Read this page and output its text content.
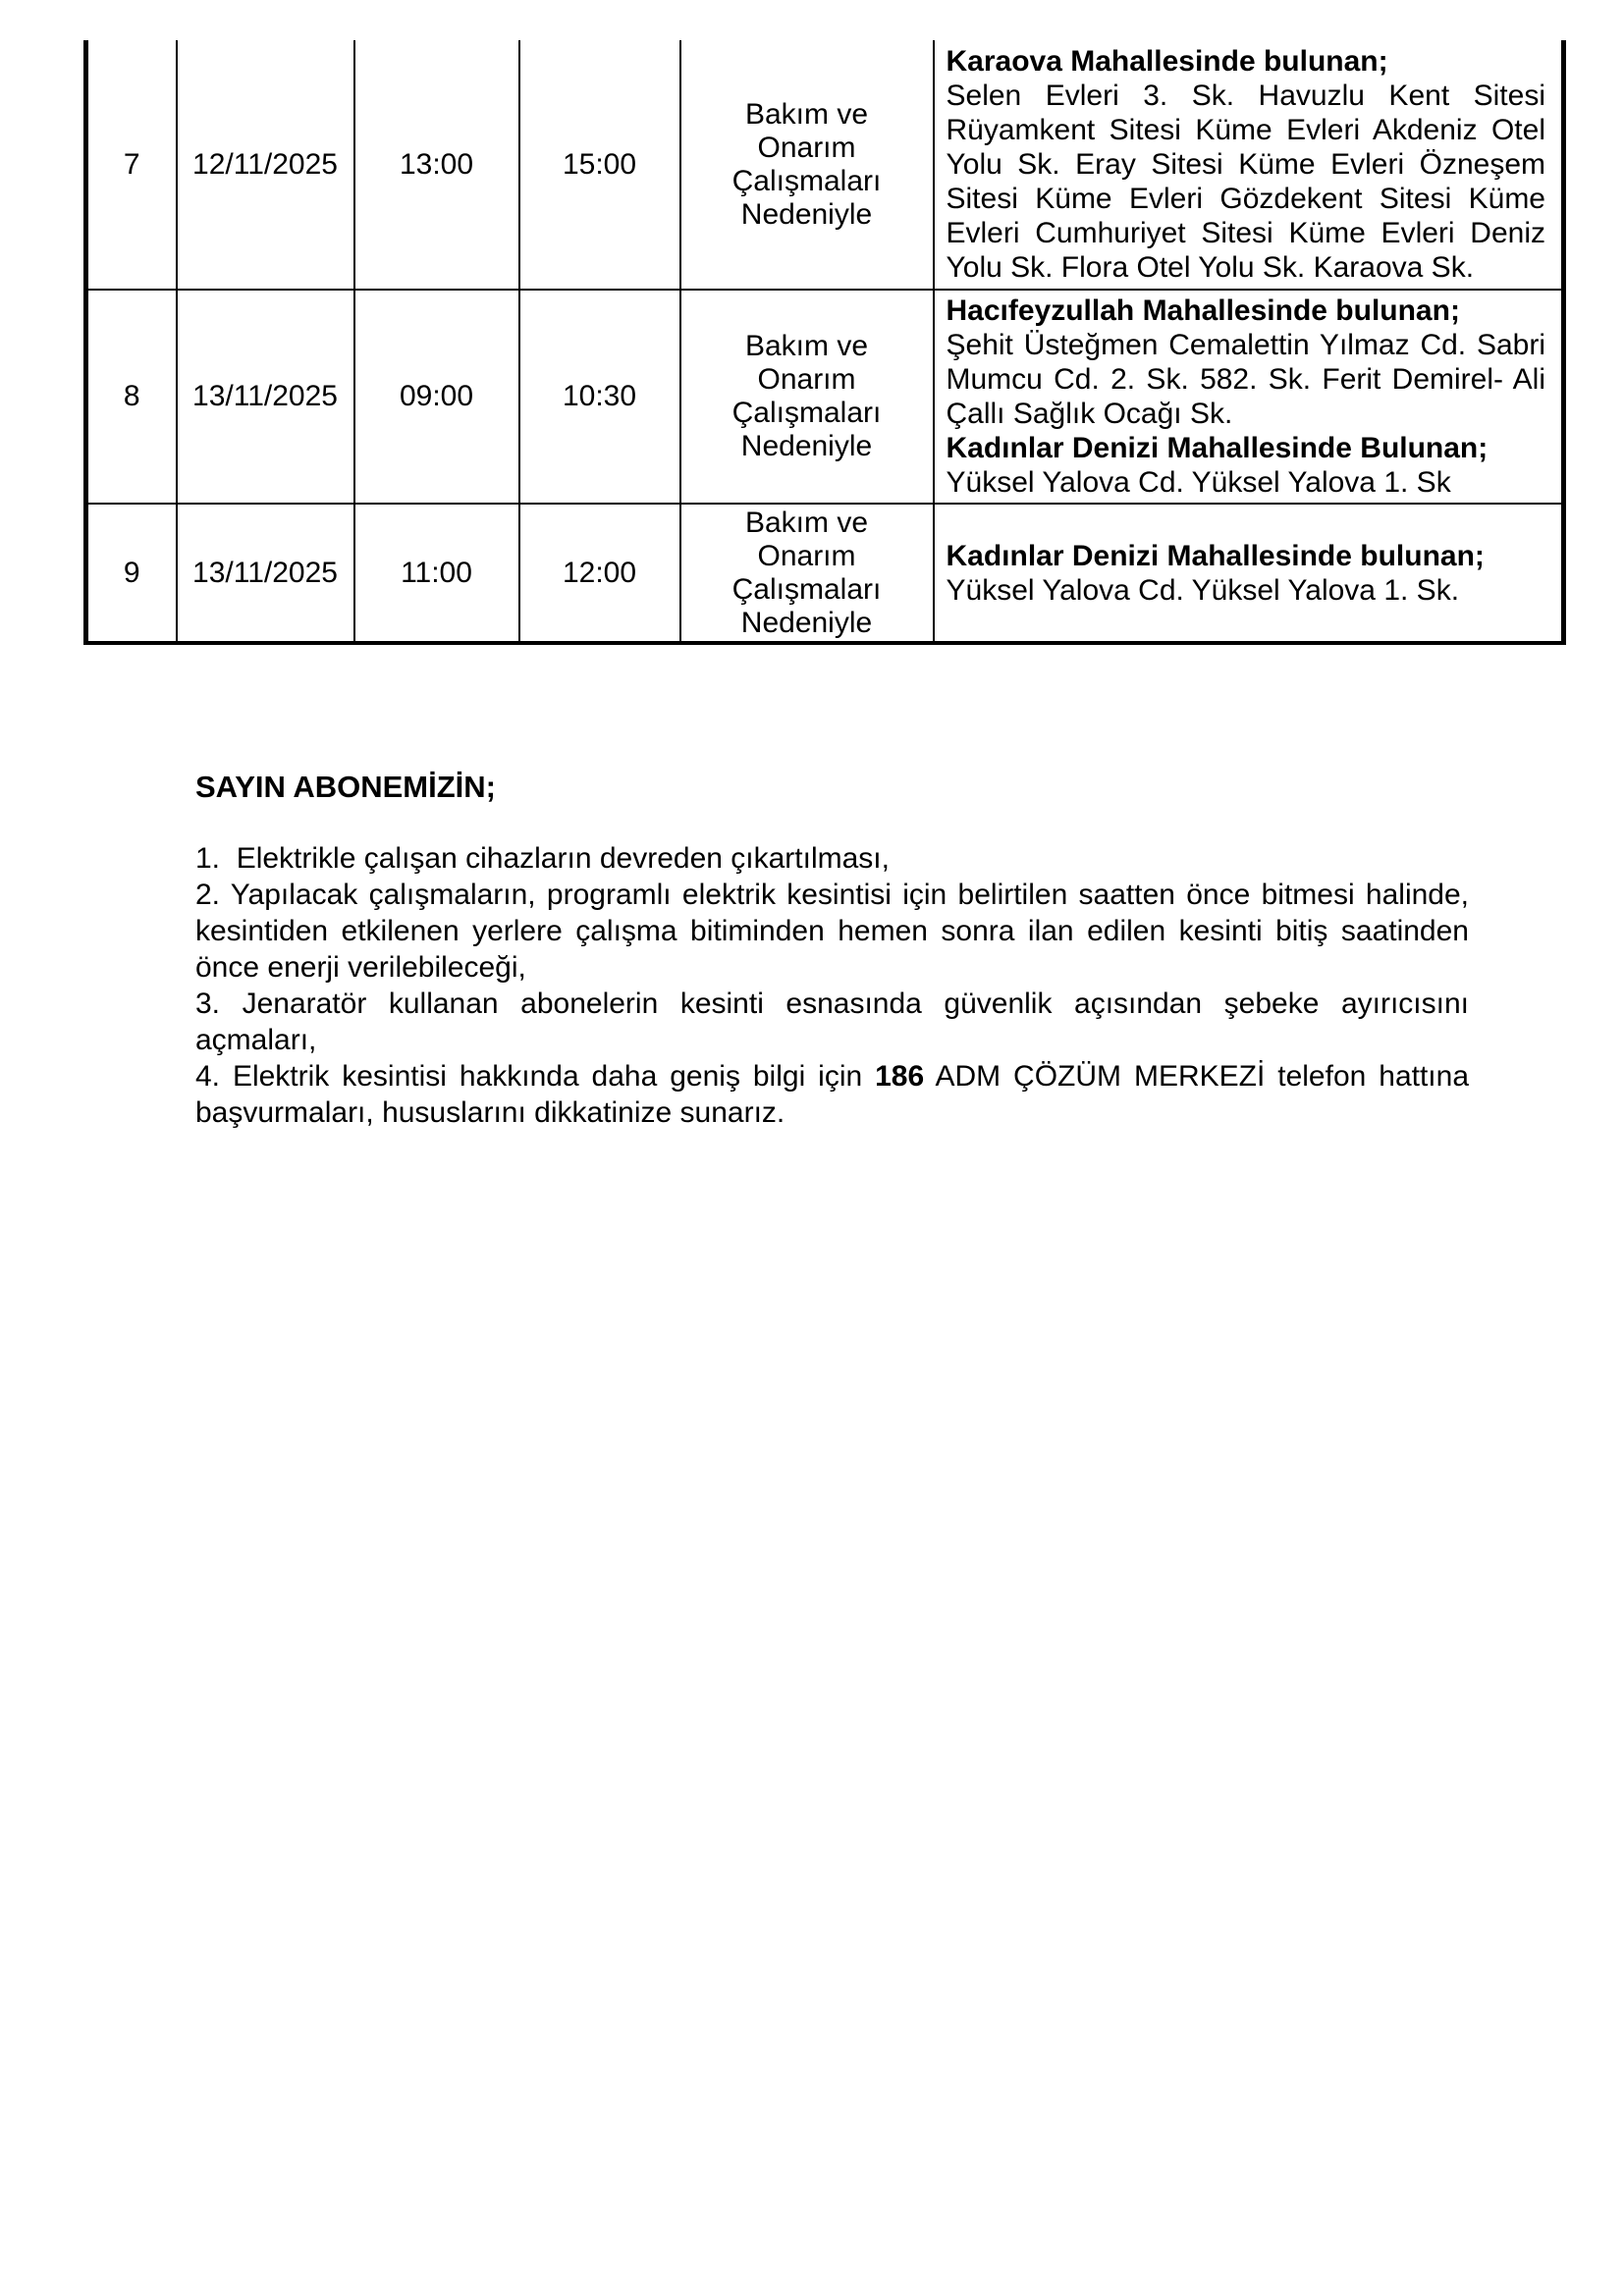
7	12/11/2025	13:00	15:00	Bakım ve Onarım Çalışmaları Nedeniyle	Karaova Mahallesinde bulunan;
Selen Evleri 3. Sk. Havuzlu Kent Sitesi Rüyamkent Sitesi Küme Evleri Akdeniz Otel Yolu Sk. Eray Sitesi Küme Evleri Özneşem Sitesi Küme Evleri Gözdekent Sitesi Küme Evleri Cumhuriyet Sitesi Küme Evleri Deniz Yolu Sk. Flora Otel Yolu Sk. Karaova Sk.

8	13/11/2025	09:00	10:30	Bakım ve Onarım Çalışmaları Nedeniyle	Hacıfeyzullah Mahallesinde bulunan;
Şehit Üsteğmen Cemalettin Yılmaz Cd. Sabri Mumcu Cd. 2. Sk. 582. Sk. Ferit Demirel- Ali Çallı Sağlık Ocağı Sk.
Kadınlar Denizi Mahallesinde Bulunan;
Yüksel Yalova Cd. Yüksel Yalova 1. Sk

9	13/11/2025	11:00	12:00	Bakım ve Onarım Çalışmaları Nedeniyle	Kadınlar Denizi Mahallesinde bulunan;
Yüksel Yalova Cd. Yüksel Yalova 1. Sk.
SAYIN ABONEMİZİN;

1.  Elektrikle çalışan cihazların devreden çıkartılması,

2. Yapılacak çalışmaların, programlı elektrik kesintisi için belirtilen saatten önce bitmesi halinde, kesintiden etkilenen yerlere çalışma bitiminden hemen sonra ilan edilen kesinti bitiş saatinden önce enerji verilebileceği,

3. Jenaratör kullanan abonelerin kesinti esnasında güvenlik açısından şebeke ayırıcısını açmaları,

4. Elektrik kesintisi hakkında daha geniş bilgi için 186 ADM ÇÖZÜM MERKEZİ telefon hattına başvurmaları, hususlarını dikkatinize sunarız.
